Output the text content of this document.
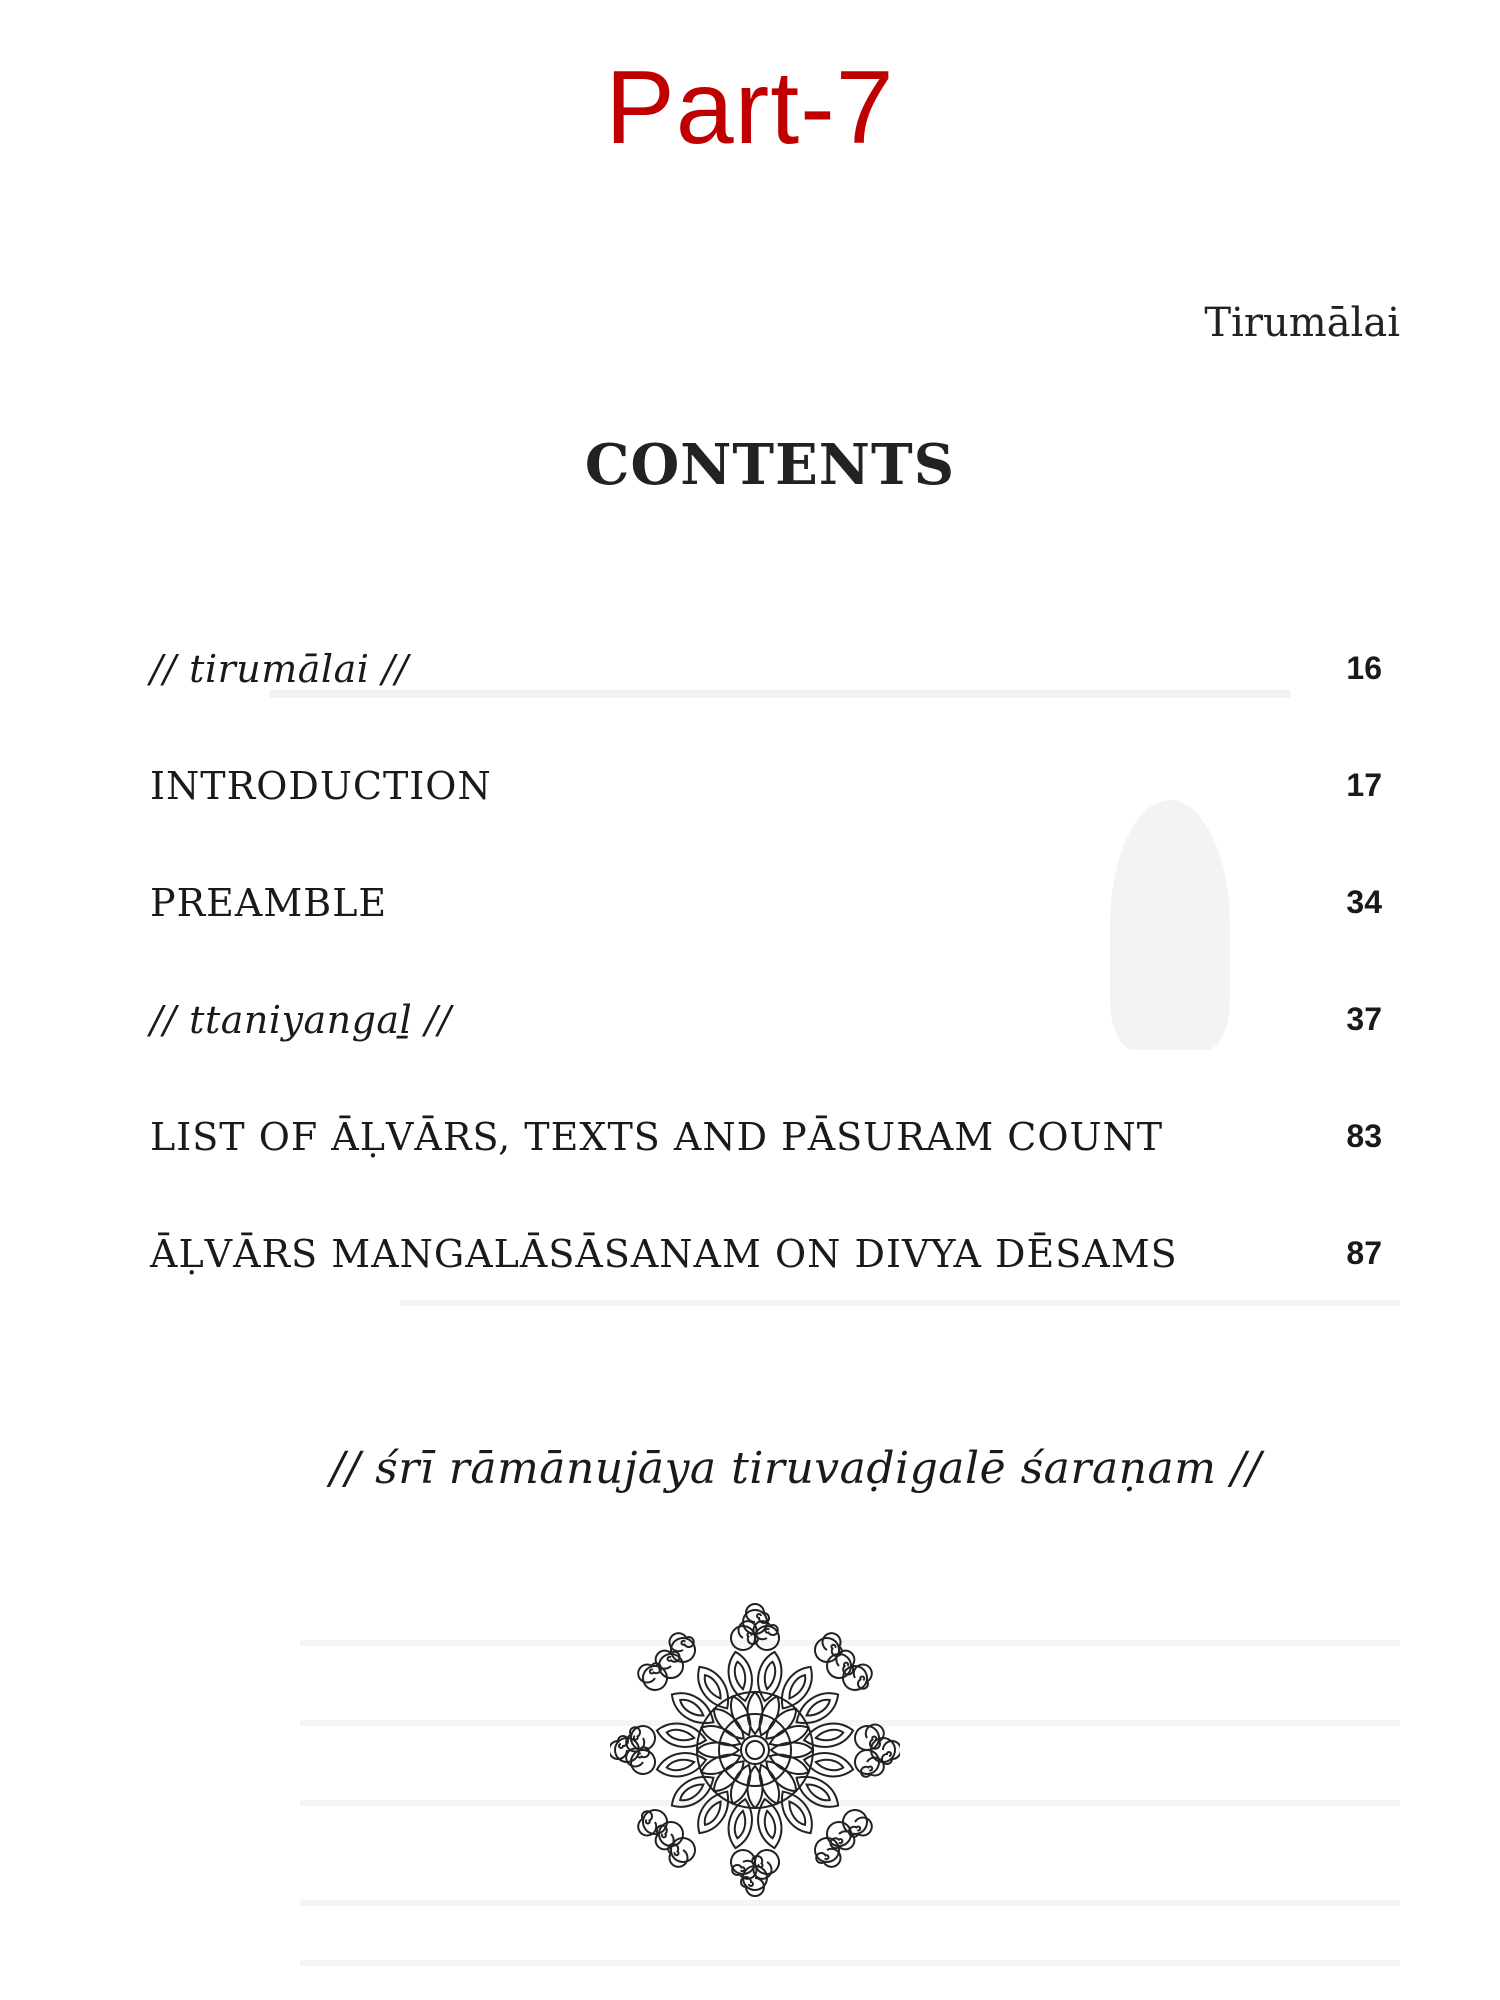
Part-7
Tirumālai
CONTENTS
// tirumālai //	16
INTRODUCTION	17
PREAMBLE	34
// ttaniyangaḻ //	37
LIST OF ĀḶVĀRS, TEXTS AND PĀSURAM COUNT	83
ĀḶVĀRS MANGALĀSĀSANAM ON DIVYA DĒSAMS	87
// śrī rāmānujāya tiruvaḍigalē śaraṇam //
